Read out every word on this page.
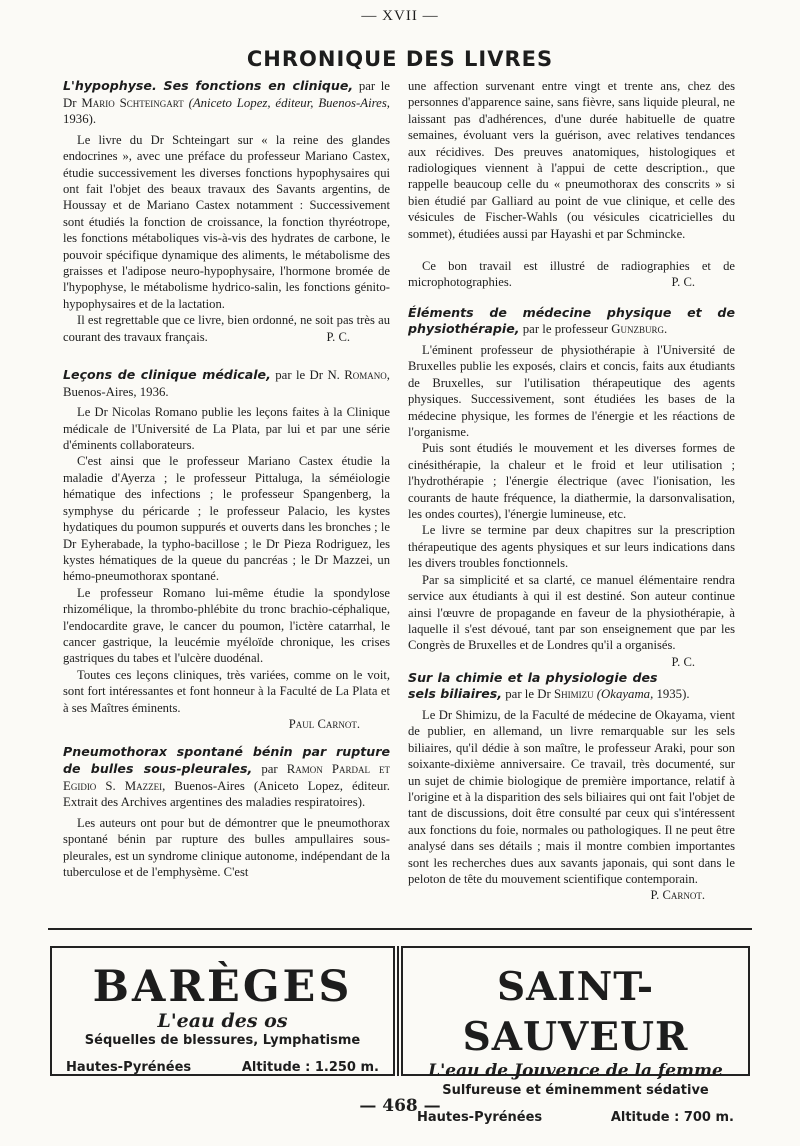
— XVII —
CHRONIQUE DES LIVRES
L'hypophyse. Ses fonctions en clinique, par le Dr Mario Schteingart (Aniceto Lopez, éditeur, Buenos-Aires, 1936).

Le livre du Dr Schteingart sur « la reine des glandes endocrines », avec une préface du professeur Mariano Castex, étudie successivement les diverses fonctions hypophysaires qui ont fait l'objet des beaux travaux des Savants argentins, de Houssay et de Mariano Castex notamment : Successivement sont étudiés la fonction de croissance, la fonction thyréotrope, les fonctions métaboliques vis-à-vis des hydrates de carbone, le pouvoir spécifique dynamique des aliments, le métabolisme des graisses et l'adipose neuro-hypophysaire, l'hormone bromée de l'hypophyse, le métabolisme hydrico-salin, les fonctions génito-hypophysaires et de la lactation.

Il est regrettable que ce livre, bien ordonné, ne soit pas très au courant des travaux français.	P. C.

Leçons de clinique médicale, par le Dr N. Romano, Buenos-Aires, 1936.

Le Dr Nicolas Romano publie les leçons faites à la Clinique médicale de l'Université de La Plata, par lui et par une série d'éminents collaborateurs.

C'est ainsi que le professeur Mariano Castex étudie la maladie d'Ayerza ; le professeur Pittaluga, la séméiologie hématique des infections ; le professeur Spangenberg, la symphyse du péricarde ; le professeur Palacio, les kystes hydatiques du poumon suppurés et ouverts dans les bronches ; le Dr Eyherabade, la typho-bacillose ; le Dr Pieza Rodriguez, les kystes hématiques de la queue du pancréas ; le Dr Mazzei, un hémo-pneumothorax spontané.

Le professeur Romano lui-même étudie la spondylose rhizomélique, la thrombo-phlébite du tronc brachio-céphalique, l'endocardite grave, le cancer du poumon, l'ictère catarrhal, le cancer gastrique, la leucémie myéloïde chronique, les crises gastriques du tabes et l'ulcère duodénal.

Toutes ces leçons cliniques, très variées, comme on le voit, sont fort intéressantes et font honneur à la Faculté de La Plata et à ses Maîtres éminents.

Paul Carnot.
Pneumothorax spontané bénin par rupture de bulles sous-pleurales, par Ramon Pardal et Egidio S. Mazzei, Buenos-Aires (Aniceto Lopez, éditeur. Extrait des Archives argentines des maladies respiratoires).

Les auteurs ont pour but de démontrer que le pneumothorax spontané bénin par rupture des bulles ampullaires sous-pleurales, est un syndrome clinique autonome, indépendant de la tuberculose et de l'emphysème. C'est

une affection survenant entre vingt et trente ans, chez des personnes d'apparence saine, sans fièvre, sans liquide pleural, ne laissant pas d'adhérences, d'une durée habituelle de quatre semaines, évoluant vers la guérison, avec relatives tendances aux récidives. Des preuves anatomiques, histologiques et radiologiques viennent à l'appui de cette description., que rappelle beaucoup celle du « pneumothorax des conscrits » si bien étudié par Galliard au point de vue clinique, et celle des vésicules de Fischer-Wahls (ou vésicules cicatricielles du sommet), étudiées aussi par Hayashi et par Schmincke.

Ce bon travail est illustré de radiographies et de microphotographies.	P. C.

Éléments de médecine physique et de physiothérapie, par le professeur Gunzburg.

L'éminent professeur de physiothérapie à l'Université de Bruxelles publie les exposés, clairs et concis, faits aux étudiants de Bruxelles, sur l'utilisation thérapeutique des agents physiques. Successivement, sont étudiées les bases de la médecine physique, les formes de l'énergie et les réactions de l'organisme.

Puis sont étudiés le mouvement et les diverses formes de cinésithérapie, la chaleur et le froid et leur utilisation ; l'hydrothérapie ; l'énergie électrique (avec l'ionisation, les courants de haute fréquence, la diathermie, la darsonvalisation, les ondes courtes), l'énergie lumineuse, etc.

Le livre se termine par deux chapitres sur la prescription thérapeutique des agents physiques et sur leurs indications dans les divers troubles fonctionnels.

Par sa simplicité et sa clarté, ce manuel élémentaire rendra service aux étudiants à qui il est destiné. Son auteur continue ainsi l'œuvre de propagande en faveur de la physiothérapie, à laquelle il s'est dévoué, tant par son enseignement que par les Congrès de Bruxelles et de Londres qu'il a organisés.
P. C.

Sur la chimie et la physiologie des sels biliaires, par le Dr Shimizu (Okayama, 1935).

Le Dr Shimizu, de la Faculté de médecine de Okayama, vient de publier, en allemand, un livre remarquable sur les sels biliaires, qu'il dédie à son maître, le professeur Araki, pour son soixante-dixième anniversaire. Ce travail, très documenté, sur un sujet de chimie biologique de première importance, relatif à l'origine et à la disparition des sels biliaires qui ont fait l'objet de tant de discussions, doit être consulté par ceux qui s'intéressent aux fonctions du foie, normales ou pathologiques. Il ne peut être analysé dans ses détails ; mais il montre combien importantes sont les recherches dues aux savants japonais, qui sont dans le peloton de tête du mouvement scientifique contemporain.

P. Carnot.
BARÈGES
L'eau des os
Séquelles de blessures, Lymphatisme
Hautes-Pyrénées	Altitude : 1.250 m.
SAINT-SAUVEUR
L'eau de Jouvence de la femme
Sulfureuse et éminemment sédative
Hautes-Pyrénées	Altitude : 700 m.
— 468 —
